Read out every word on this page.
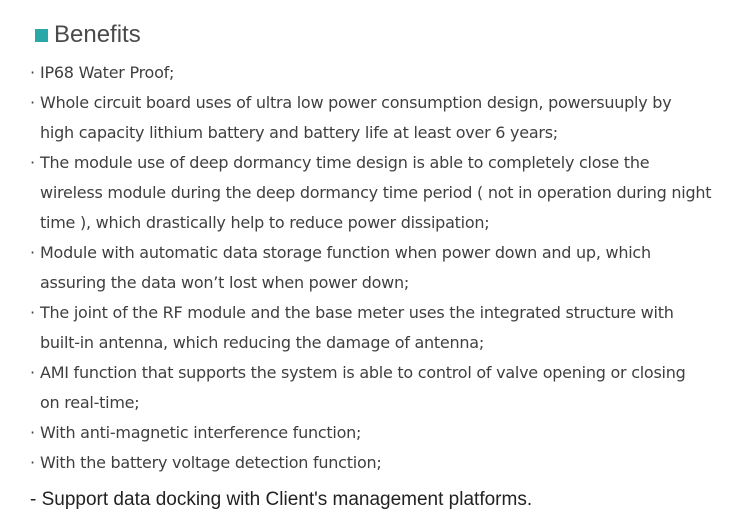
Benefits
· IP68 Water Proof;
· Whole circuit board uses of ultra low power consumption design, powersuuply by
high capacity lithium battery and battery life at least over 6 years;
· The module use of deep dormancy time design is able to completely close the
wireless module during the deep dormancy time period ( not in operation during night
time ), which drastically help to reduce power dissipation;
· Module with automatic data storage function when power down and up, which
assuring the data won’t lost when power down;
· The joint of the RF module and the base meter uses the integrated structure with
built-in antenna, which reducing the damage of antenna;
· AMI function that supports the system is able to control of valve opening or closing
on real-time;
· With anti-magnetic interference function;
· With the battery voltage detection function;
- Support data docking with Client's management platforms.
